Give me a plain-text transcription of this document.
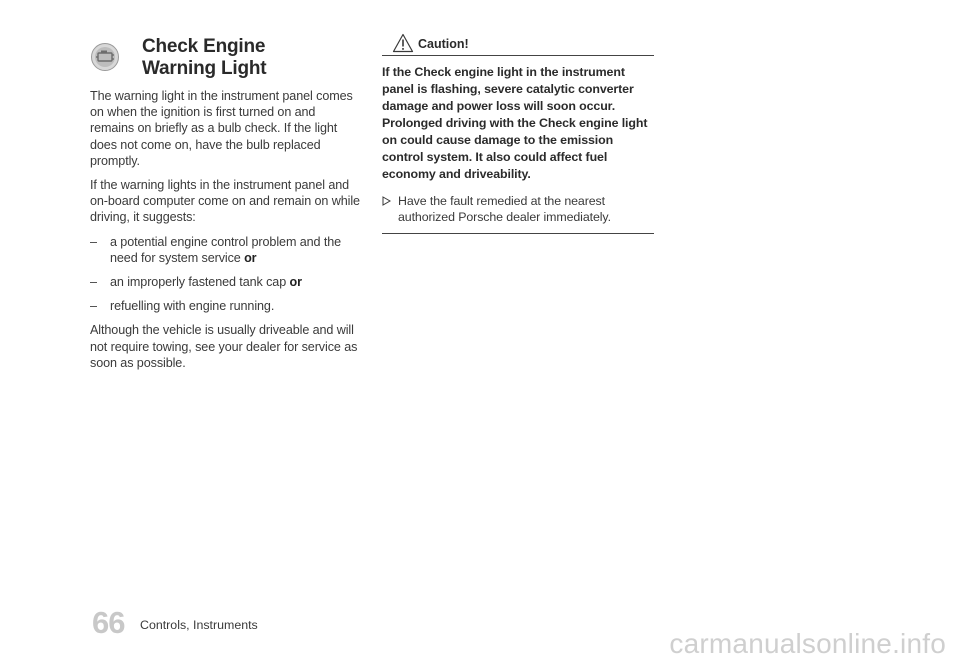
Check Engine
Warning Light

The warning light in the instrument panel comes on when the ignition is first turned on and remains on briefly as a bulb check. If the light does not come on, have the bulb replaced promptly.

If the warning lights in the instrument panel and on-board computer come on and remain on while driving, it suggests:

– a potential engine control problem and the need for system service or
– an improperly fastened tank cap or
– refuelling with engine running.

Although the vehicle is usually driveable and will not require towing, see your dealer for service as soon as possible.

Caution!

If the Check engine light in the instrument panel is flashing, severe catalytic converter damage and power loss will soon occur. Prolonged driving with the Check engine light on could cause damage to the emission control system. It also could affect fuel economy and driveability.

Have the fault remedied at the nearest authorized Porsche dealer immediately.

66 Controls, Instruments
carmanualsonline.info
